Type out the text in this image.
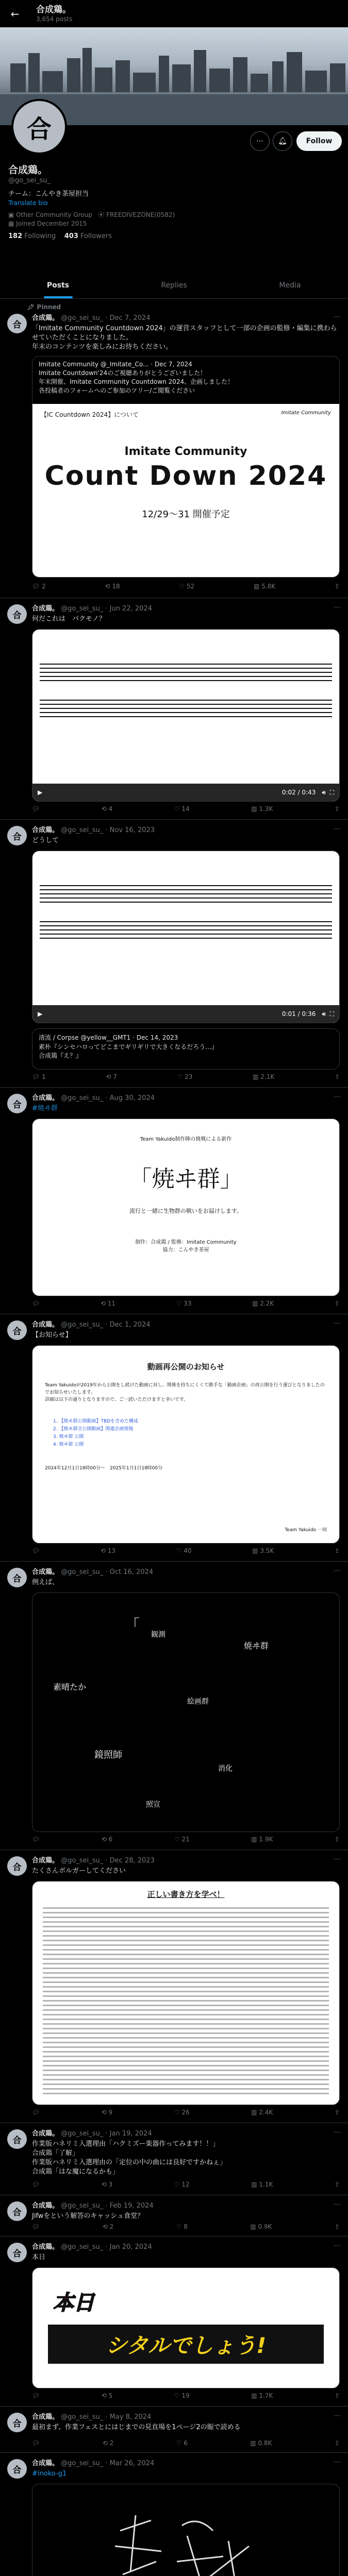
←	合成鶏。
3,654 posts
合	⋯	🔔︎	Follow
合成鶏。
@go_sei_su_
チーム：こんやき茶屋担当
Translate bio
▣ Other Community Group ⦿ FREEDIVEZONE(0582)
▦ Joined December 2015
182 Following 403 Followers
Posts	Replies	Media
📌︎ Pinned
合
合成鶏。 @go_sei_su_ · Dec 7, 2024	⋯
「Imitate Community Countdown 2024」の運営スタッフとして一部の企画の監修・編集に携わらせていただくことになりました。
年末のコンテンツを楽しみにお待ちください。
Imitate Community @_Imitate_Co... · Dec 7, 2024
Imitate Countdown'24のご視聴ありがとうございました！
年末開催、Imitate Community Countdown 2024、企画しました！
各投稿者のフォームへのご参加のツリー/ご閲覧ください
【IC Countdown 2024】について	Imitate Community
Imitate Community
Count Down 2024
12/29〜31 開催予定
💬︎ 2	⟲ 18	♡ 52	▥ 5.8K	⇪
合
合成鶏。 @go_sei_su_ · Jun 22, 2024	⋯
何だこれは　バクモノ？
▶	0:02 / 0:43 🔊︎
⛶
💬︎	⟲ 4	♡ 14	▥ 1.3K	⇪
合
合成鶏。 @go_sei_su_ · Nov 16, 2023	⋯
どうして
▶	0:01 / 0:36 🔊︎
⛶
清流 / Corpse @yellow__GMT1 · Dec 14, 2023
素朴『シンセハロってどこまでギリギリで大きくなるだろう…』
合成鶏『え？』
💬︎ 1	⟲ 7	♡ 23	▥ 2.1K	⇪
合
合成鶏。 @go_sei_su_ · Aug 30, 2024	⋯
#焼ヰ群
Team Yakuido制作陣の挑戦による新作
「焼ヰ群」
流行と一緒に生物群の戦いをお届けします。
制作：合成鶏 / 監修：Imitate Community
協力：こんやき茶屋
💬︎	⟲ 11	♡ 33	▥ 2.2K	⇪
合
合成鶏。 @go_sei_su_ · Dec 1, 2024	⋯
【お知らせ】
動画再公開のお知らせ
Team Yakuidoが2019年から公開をし続けた動画に対し、関係を持ちにくくて勝手な「動画企画」の再公開を行う運びとなりましたのでお知らせいたします。
詳細は以下の通りとなりますので、ご一読いただけますと幸いです。
1. 【焼ヰ群公開動画】TBDを含めた構成
2. 【焼ヰ群全公開動画】関連企画情報
3. 焼ヰ群 公開
4. 焼ヰ群 公開
2024年12月1日18時00分〜　2025年1月1日18時00分
Team Yakuido 一同
💬︎	⟲ 13	♡ 40	▥ 3.5K	⇪
合
合成鶏。 @go_sei_su_ · Oct 16, 2024	⋯
例えば、
「
観測
焼ヰ群
素晴たか
絵画群
鏡照師
消化
照宣
💬︎	⟲ 6	♡ 21	▥ 1.9K	⇪
合
合成鶏。 @go_sei_su_ · Dec 28, 2023	⋯
たくさんボルガーしてください
正しい書き方を学べ！
💬︎	⟲ 9	♡ 26	▥ 2.4K	⇪
合
合成鶏。 @go_sei_su_ · Jan 19, 2024	⋯
作業版ハネリミ入選理由「ハクミズー楽器作ってみます！！」
合成鶏「了解」
作業版ハネリミ入選理由の「定位の中の曲には良好ですかねぇ」
合成鶏「はな魔になるかも」
💬︎	⟲ 3	♡ 12	▥ 1.1K	⇪
合
合成鶏。 @go_sei_su_ · Feb 19, 2024	⋯
Jifwをという解答のキャッシュ食堂？
💬︎	⟲ 2	♡ 8	▥ 0.9K	⇪
合
合成鶏。 @go_sei_su_ · Jan 20, 2024	⋯
本日
本日
シタルでしょう!
💬︎	⟲ 5	♡ 19	▥ 1.7K	⇪
合
合成鶏。 @go_sei_su_ · May 8, 2024	⋯
最初まず、作業フェスとにはじまでの見直場を1ページ2の賑で読める
💬︎	⟲ 2	♡ 6	▥ 0.8K	⇪
合
合成鶏。 @go_sei_su_ · Mar 26, 2024	⋯
#inoko-g1
